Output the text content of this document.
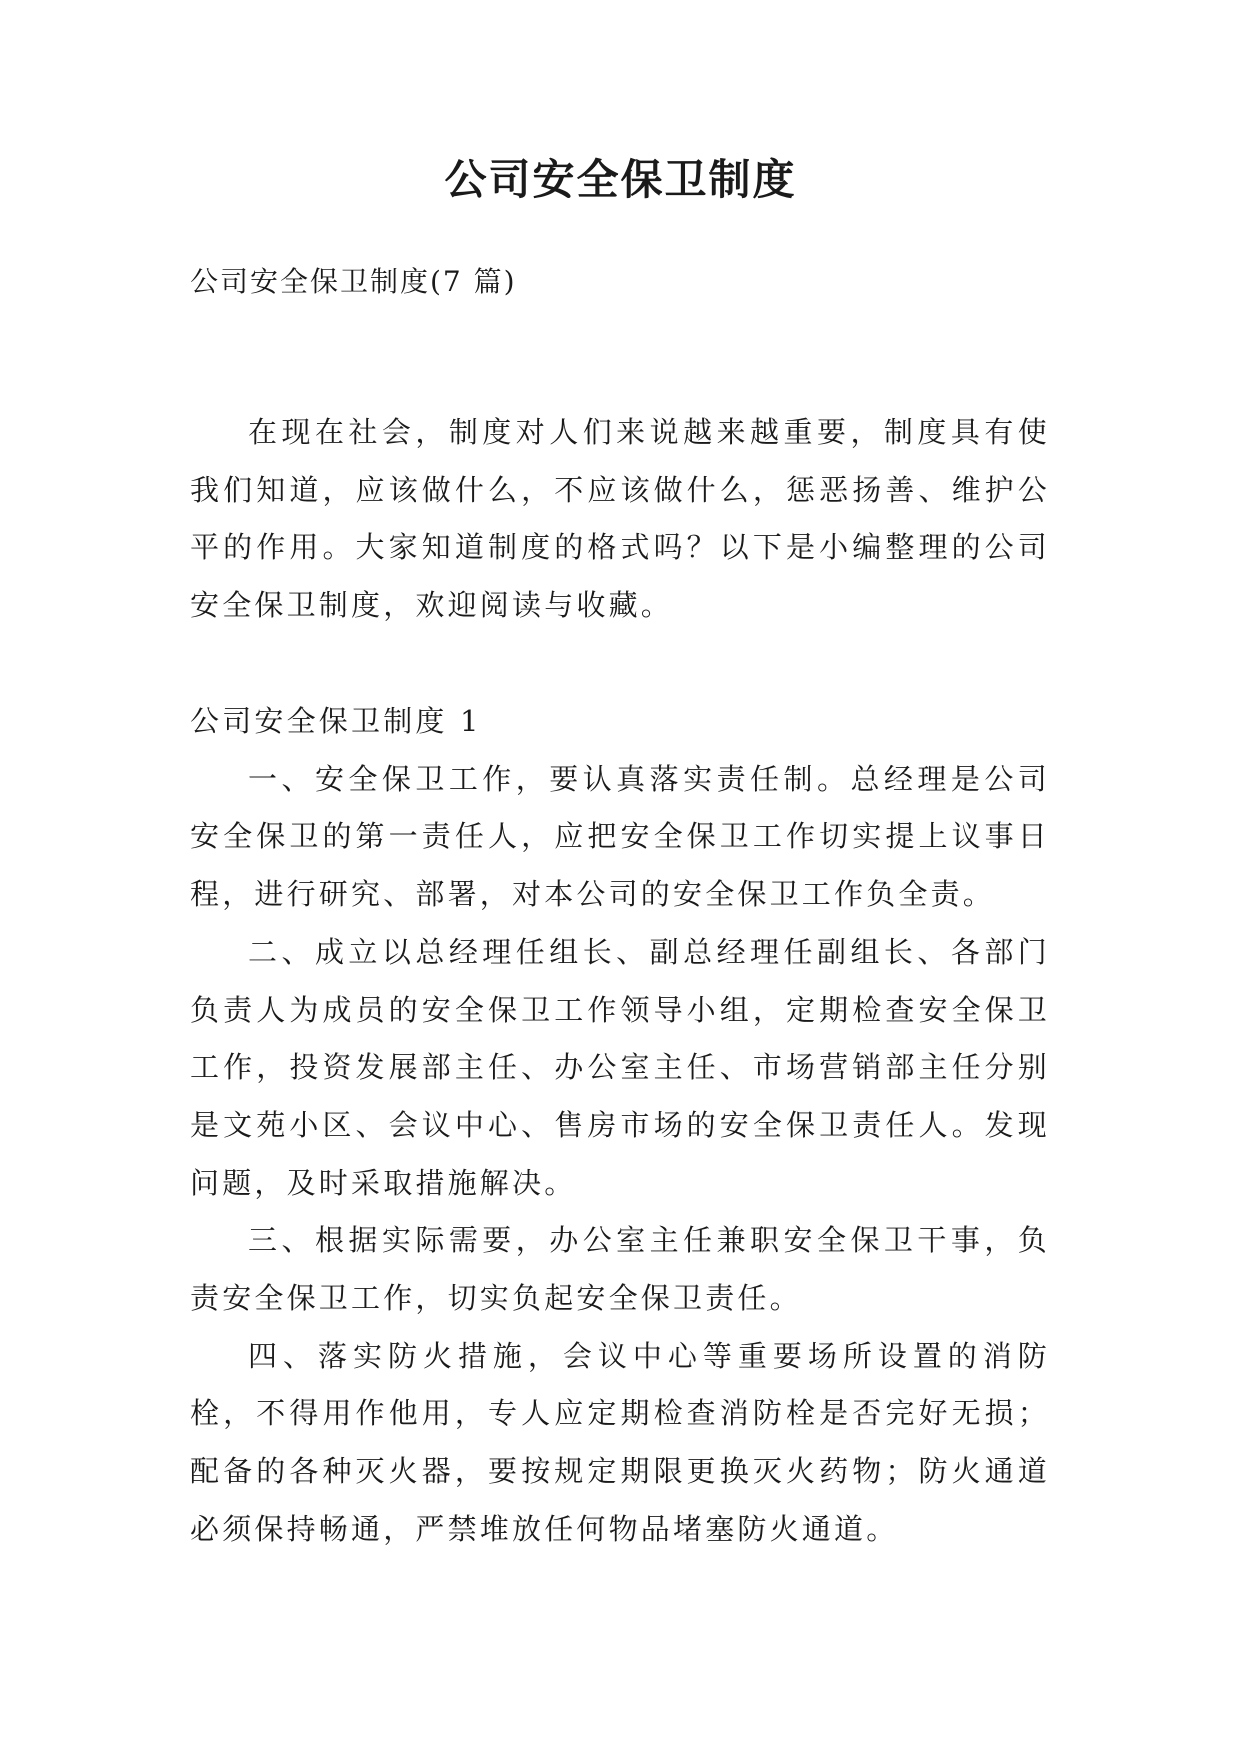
公司安全保卫制度
公司安全保卫制度(7 篇)

在现在社会，制度对人们来说越来越重要，制度具有使我们知道，应该做什么，不应该做什么，惩恶扬善、维护公平的作用。大家知道制度的格式吗？以下是小编整理的公司安全保卫制度，欢迎阅读与收藏。

公司安全保卫制度 1

一、安全保卫工作，要认真落实责任制。总经理是公司安全保卫的第一责任人，应把安全保卫工作切实提上议事日程，进行研究、部署，对本公司的安全保卫工作负全责。

二、成立以总经理任组长、副总经理任副组长、各部门负责人为成员的安全保卫工作领导小组，定期检查安全保卫工作，投资发展部主任、办公室主任、市场营销部主任分别是文苑小区、会议中心、售房市场的安全保卫责任人。发现问题，及时采取措施解决。

三、根据实际需要，办公室主任兼职安全保卫干事，负责安全保卫工作，切实负起安全保卫责任。

四、落实防火措施，会议中心等重要场所设置的消防栓，不得用作他用，专人应定期检查消防栓是否完好无损；配备的各种灭火器，要按规定期限更换灭火药物；防火通道必须保持畅通，严禁堆放任何物品堵塞防火通道。
